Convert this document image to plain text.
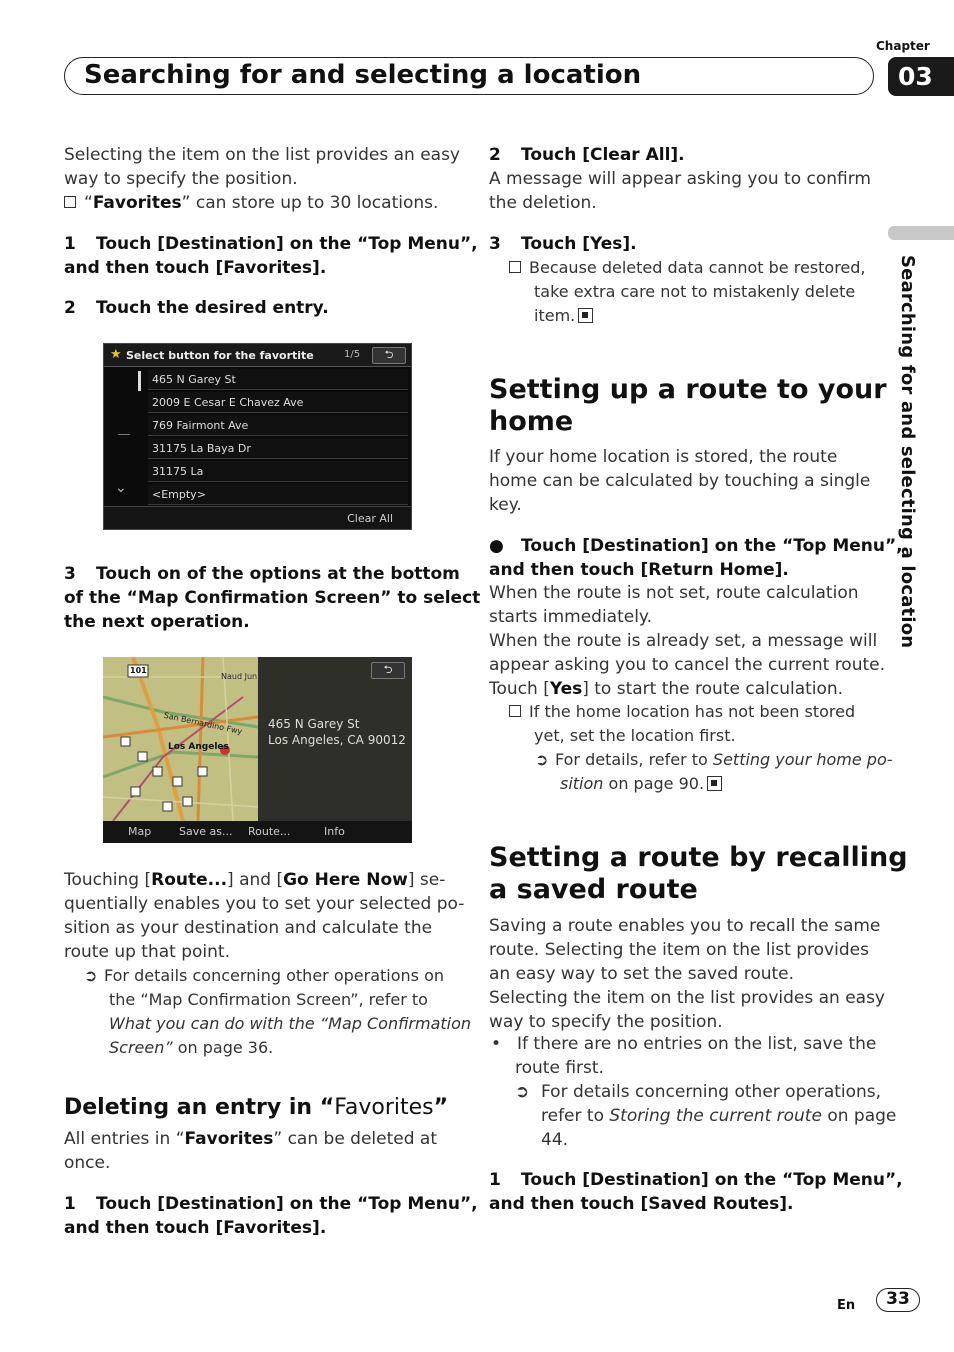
Searching for and selecting a location
Chapter
03
Searching for and selecting a location
Selecting the item on the list provides an easy
way to specify the position.
“Favorites” can store up to 30 locations.
1 Touch [Destination] on the “Top Menu”,
and then touch [Favorites].
2 Touch the desired entry.
★ Select button for the favortite	1/5	⮌
⌄
465 N Garey St
2009 E Cesar E Chavez Ave
769 Fairmont Ave
31175 La Baya Dr
31175 La
<Empty>
Clear All
3 Touch on of the options at the bottom
of the “Map Confirmation Screen” to select
the next operation.
101
Los Angeles
San Bernardino Fwy
Naud Jun
465 N Garey St
Los Angeles, CA 90012
⮌
Map	Save as... Route...	Info
Touching [Route...] and [Go Here Now] se-
quentially enables you to set your selected po-
sition as your destination and calculate the
route up that point.
➲ For details concerning other operations on
the “Map Confirmation Screen”, refer to
What you can do with the “Map Confirmation
Screen” on page 36.
Deleting an entry in “Favorites”
All entries in “Favorites” can be deleted at
once.
1 Touch [Destination] on the “Top Menu”,
and then touch [Favorites].
2 Touch [Clear All].
A message will appear asking you to confirm
the deletion.
3 Touch [Yes].
Because deleted data cannot be restored,
take extra care not to mistakenly delete
item.
Setting up a route to your
home
If your home location is stored, the route
home can be calculated by touching a single
key.
● Touch [Destination] on the “Top Menu”,
and then touch [Return Home].
When the route is not set, route calculation
starts immediately.
When the route is already set, a message will
appear asking you to cancel the current route.
Touch [Yes] to start the route calculation.
If the home location has not been stored
yet, set the location first.
➲ For details, refer to Setting your home po-
sition on page 90.
Setting a route by recalling
a saved route
Saving a route enables you to recall the same
route. Selecting the item on the list provides
an easy way to set the saved route.
Selecting the item on the list provides an easy
way to specify the position.
• If there are no entries on the list, save the
route first.
➲ For details concerning other operations,
refer to Storing the current route on page
44.
1 Touch [Destination] on the “Top Menu”,
and then touch [Saved Routes].
En	33
